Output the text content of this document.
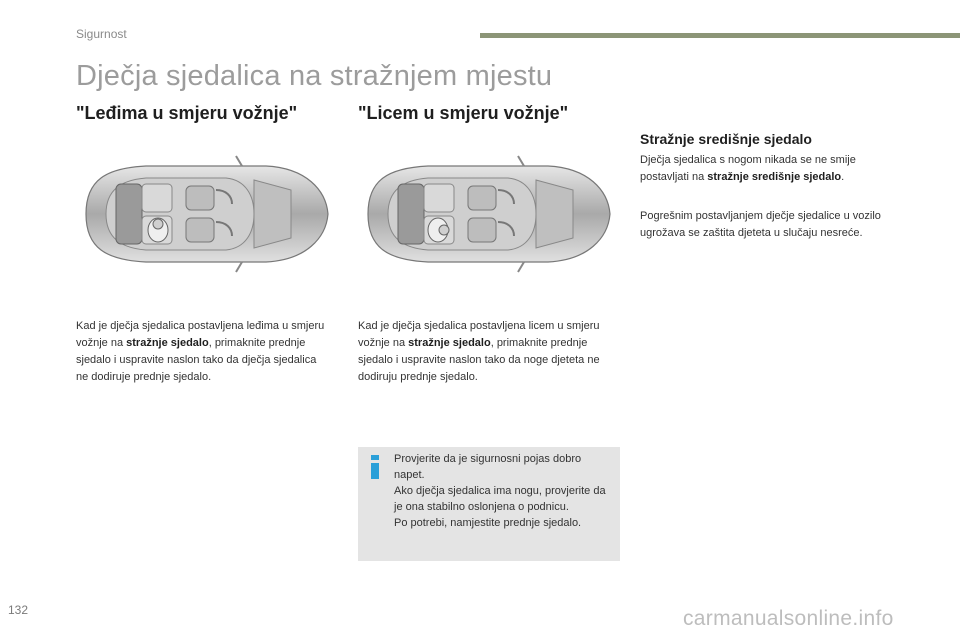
Sigurnost
Dječja sjedalica na stražnjem mjestu
"Leđima u smjeru vožnje"	"Licem u smjeru vožnje"
Kad je dječja sjedalica postavljena leđima u smjeru vožnje na stražnje sjedalo, primaknite prednje sjedalo i uspravite naslon tako da dječja sjedalica ne dodiruje prednje sjedalo.
Kad je dječja sjedalica postavljena licem u smjeru vožnje na stražnje sjedalo, primaknite prednje sjedalo i uspravite naslon tako da noge djeteta ne dodiruju prednje sjedalo.
Stražnje središnje sjedalo
Dječja sjedalica s nogom nikada se ne smije postavljati na stražnje središnje sjedalo.
Pogrešnim postavljanjem dječje sjedalice u vozilo ugrožava se zaštita djeteta u slučaju nesreće.
Provjerite da je sigurnosni pojas dobro napet.
Ako dječja sjedalica ima nogu, provjerite da je ona stabilno oslonjena o podnicu.
Po potrebi, namjestite prednje sjedalo.
132	carmanualsonline.info
